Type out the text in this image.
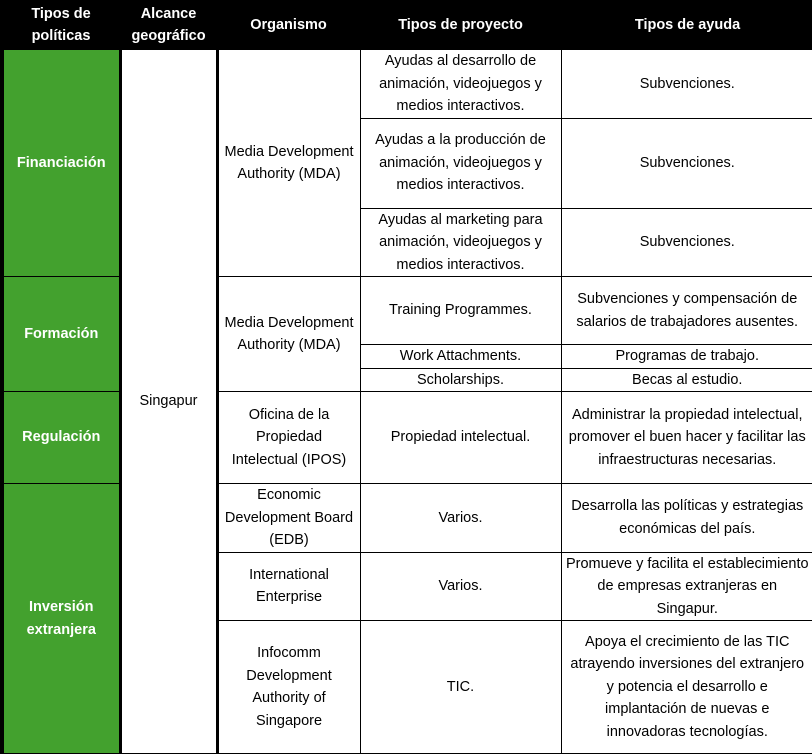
Tipos de políticas	Alcance geográfico	Organismo	Tipos de proyecto	Tipos de ayuda
Financiación	Singapur	Media Development Authority (MDA)	Ayudas al desarrollo de animación, videojuegos y medios interactivos.	Subvenciones.
			Ayudas a la producción de animación, videojuegos y medios interactivos.	Subvenciones.
			Ayudas al marketing para animación, videojuegos y medios interactivos.	Subvenciones.
Formación		Media Development Authority (MDA)	Training Programmes.	Subvenciones y compensación de salarios de trabajadores ausentes.
			Work Attachments.	Programas de trabajo.
			Scholarships.	Becas al estudio.
Regulación		Oficina de la Propiedad Intelectual (IPOS)	Propiedad intelectual.	Administrar la propiedad intelectual, promover el buen hacer y facilitar las infraestructuras necesarias.
Inversión extranjera		Economic Development Board (EDB)	Varios.	Desarrolla las políticas y estrategias económicas del país.
		International Enterprise	Varios.	Promueve y facilita el establecimiento de empresas extranjeras en Singapur.
		Infocomm Development Authority of Singapore	TIC.	Apoya el crecimiento de las TIC atrayendo inversiones del extranjero y potencia el desarrollo e implantación de nuevas e innovadoras tecnologías.
